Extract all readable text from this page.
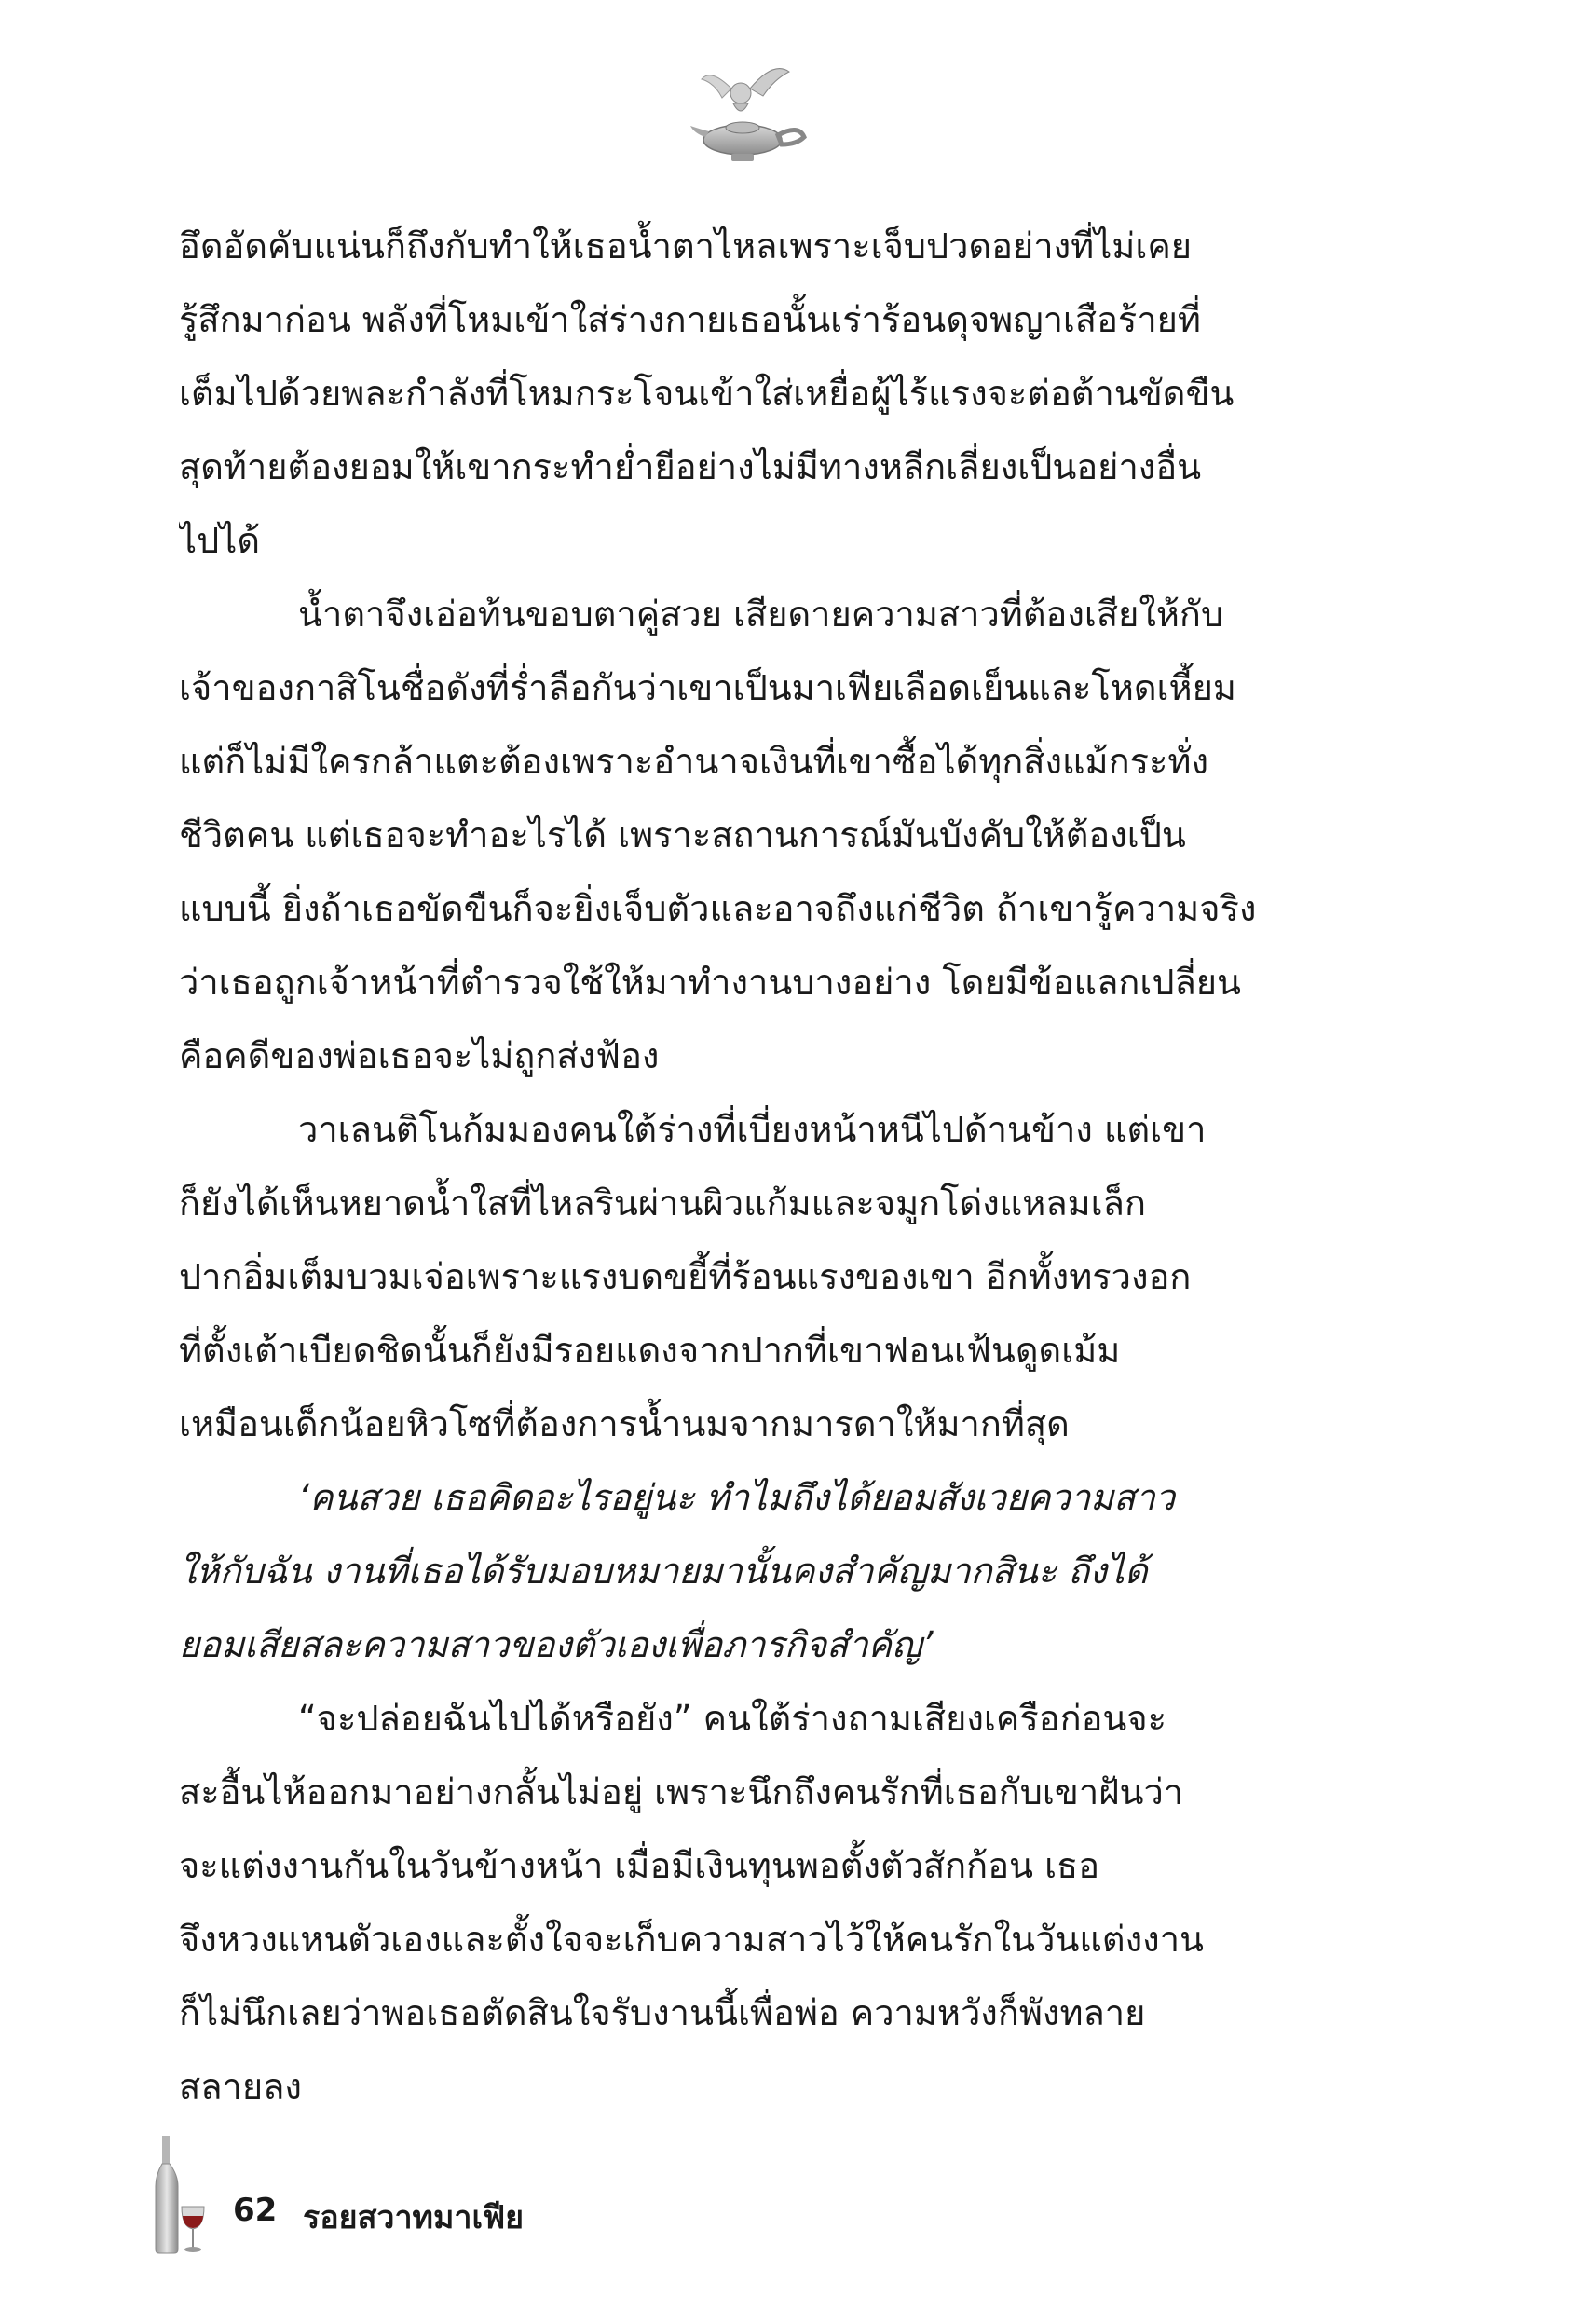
อึดอัดคับแน่นก็ถึงกับทำให้เธอน้ำตาไหลเพราะเจ็บปวดอย่างที่ไม่เคย
รู้สึกมาก่อน พลังที่โหมเข้าใส่ร่างกายเธอนั้นเร่าร้อนดุจพญาเสือร้ายที่
เต็มไปด้วยพละกำลังที่โหมกระโจนเข้าใส่เหยื่อผู้ไร้แรงจะต่อต้านขัดขืน
สุดท้ายต้องยอมให้เขากระทำย่ำยีอย่างไม่มีทางหลีกเลี่ยงเป็นอย่างอื่น
ไปได้
น้ำตาจึงเอ่อท้นขอบตาคู่สวย เสียดายความสาวที่ต้องเสียให้กับ
เจ้าของกาสิโนชื่อดังที่ร่ำลือกันว่าเขาเป็นมาเฟียเลือดเย็นและโหดเหี้ยม
แต่ก็ไม่มีใครกล้าแตะต้องเพราะอำนาจเงินที่เขาซื้อได้ทุกสิ่งแม้กระทั่ง
ชีวิตคน แต่เธอจะทำอะไรได้ เพราะสถานการณ์มันบังคับให้ต้องเป็น
แบบนี้ ยิ่งถ้าเธอขัดขืนก็จะยิ่งเจ็บตัวและอาจถึงแก่ชีวิต ถ้าเขารู้ความจริง
ว่าเธอถูกเจ้าหน้าที่ตำรวจใช้ให้มาทำงานบางอย่าง โดยมีข้อแลกเปลี่ยน
คือคดีของพ่อเธอจะไม่ถูกส่งฟ้อง
วาเลนติโนก้มมองคนใต้ร่างที่เบี่ยงหน้าหนีไปด้านข้าง แต่เขา
ก็ยังได้เห็นหยาดน้ำใสที่ไหลรินผ่านผิวแก้มและจมูกโด่งแหลมเล็ก
ปากอิ่มเต็มบวมเจ่อเพราะแรงบดขยี้ที่ร้อนแรงของเขา อีกทั้งทรวงอก
ที่ตั้งเต้าเบียดชิดนั้นก็ยังมีรอยแดงจากปากที่เขาฟอนเฟ้นดูดเม้ม
เหมือนเด็กน้อยหิวโซที่ต้องการน้ำนมจากมารดาให้มากที่สุด
‘คนสวย เธอคิดอะไรอยู่นะ ทำไมถึงได้ยอมสังเวยความสาว
ให้กับฉัน งานที่เธอได้รับมอบหมายมานั้นคงสำคัญมากสินะ ถึงได้
ยอมเสียสละความสาวของตัวเองเพื่อภารกิจสำคัญ’
“จะปล่อยฉันไปได้หรือยัง” คนใต้ร่างถามเสียงเครือก่อนจะ
สะอื้นไห้ออกมาอย่างกลั้นไม่อยู่ เพราะนึกถึงคนรักที่เธอกับเขาฝันว่า
จะแต่งงานกันในวันข้างหน้า เมื่อมีเงินทุนพอตั้งตัวสักก้อน เธอ
จึงหวงแหนตัวเองและตั้งใจจะเก็บความสาวไว้ให้คนรักในวันแต่งงาน
ก็ไม่นึกเลยว่าพอเธอตัดสินใจรับงานนี้เพื่อพ่อ ความหวังก็พังทลาย
สลายลง
62 รอยสวาทมาเฟีย
